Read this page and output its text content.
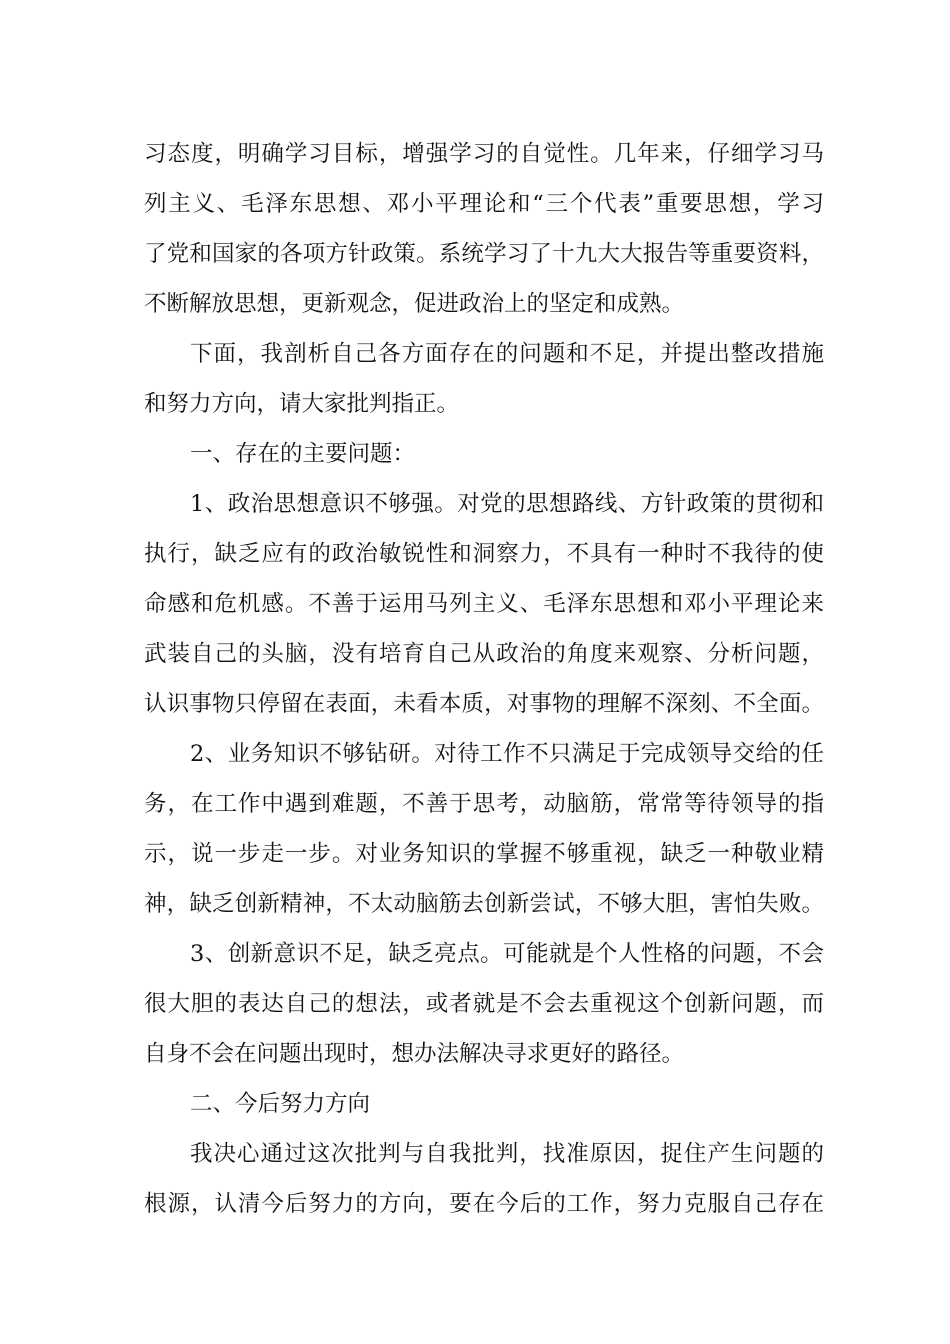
习态度，明确学习目标，增强学习的自觉性。几年来，仔细学习马

列主义、毛泽东思想、邓小平理论和“三个代表”重要思想，学习

了党和国家的各项方针政策。系统学习了十九大大报告等重要资料，

不断解放思想，更新观念，促进政治上的坚定和成熟。

下面，我剖析自己各方面存在的问题和不足，并提出整改措施

和努力方向，请大家批判指正。

一、存在的主要问题：

1、政治思想意识不够强。对党的思想路线、方针政策的贯彻和

执行，缺乏应有的政治敏锐性和洞察力，不具有一种时不我待的使

命感和危机感。不善于运用马列主义、毛泽东思想和邓小平理论来

武装自己的头脑，没有培育自己从政治的角度来观察、分析问题，

认识事物只停留在表面，未看本质，对事物的理解不深刻、不全面。

2、业务知识不够钻研。对待工作不只满足于完成领导交给的任

务，在工作中遇到难题，不善于思考，动脑筋，常常等待领导的指

示，说一步走一步。对业务知识的掌握不够重视，缺乏一种敬业精

神，缺乏创新精神，不太动脑筋去创新尝试，不够大胆，害怕失败。

3、创新意识不足，缺乏亮点。可能就是个人性格的问题，不会

很大胆的表达自己的想法，或者就是不会去重视这个创新问题，而

自身不会在问题出现时，想办法解决寻求更好的路径。

二、今后努力方向

我决心通过这次批判与自我批判，找准原因，捉住产生问题的

根源，认清今后努力的方向，要在今后的工作，努力克服自己存在
